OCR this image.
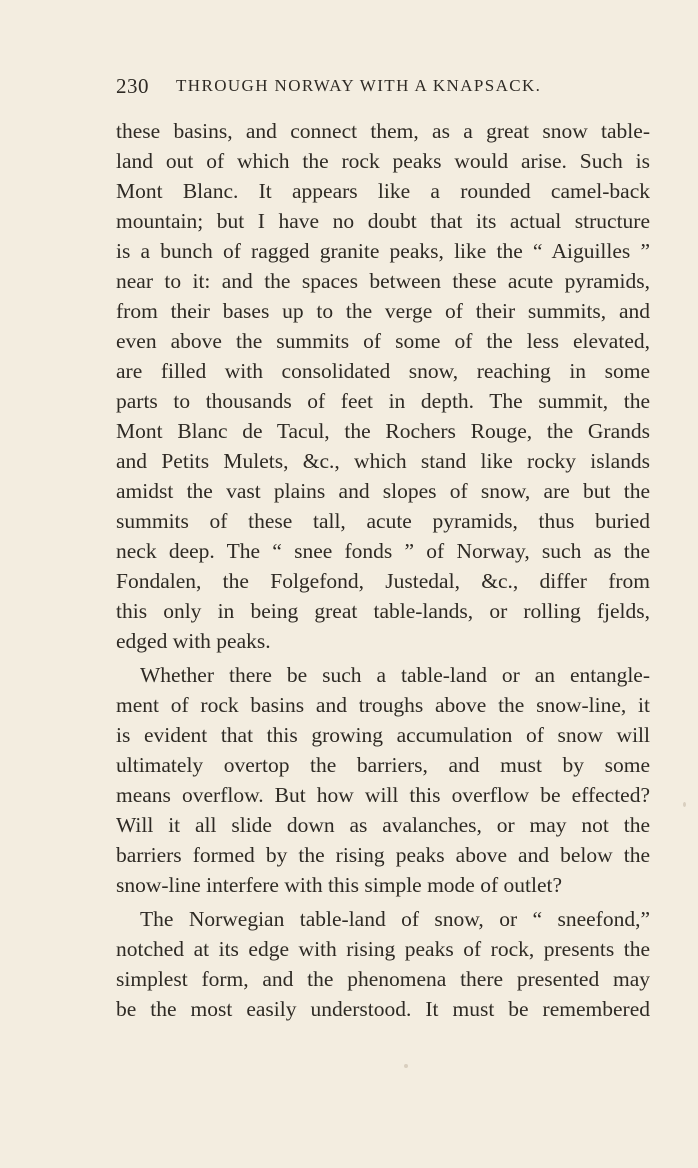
230 THROUGH NORWAY WITH A KNAPSACK.
these basins, and connect them, as a great snow table-
land out of which the rock peaks would arise. Such is
Mont Blanc. It appears like a rounded camel-back
mountain; but I have no doubt that its actual structure
is a bunch of ragged granite peaks, like the “ Aiguilles ”
near to it: and the spaces between these acute pyramids,
from their bases up to the verge of their summits, and
even above the summits of some of the less elevated,
are filled with consolidated snow, reaching in some
parts to thousands of feet in depth. The summit, the
Mont Blanc de Tacul, the Rochers Rouge, the Grands
and Petits Mulets, &c., which stand like rocky islands
amidst the vast plains and slopes of snow, are but the
summits of these tall, acute pyramids, thus buried
neck deep. The “ snee fonds ” of Norway, such as the
Fondalen, the Folgefond, Justedal, &c., differ from
this only in being great table-lands, or rolling fjelds,
edged with peaks.
Whether there be such a table-land or an entangle-
ment of rock basins and troughs above the snow-line, it
is evident that this growing accumulation of snow will
ultimately overtop the barriers, and must by some
means overflow. But how will this overflow be effected?
Will it all slide down as avalanches, or may not the
barriers formed by the rising peaks above and below the
snow-line interfere with this simple mode of outlet?
The Norwegian table-land of snow, or “ sneefond,”
notched at its edge with rising peaks of rock, presents the
simplest form, and the phenomena there presented may
be the most easily understood. It must be remembered
